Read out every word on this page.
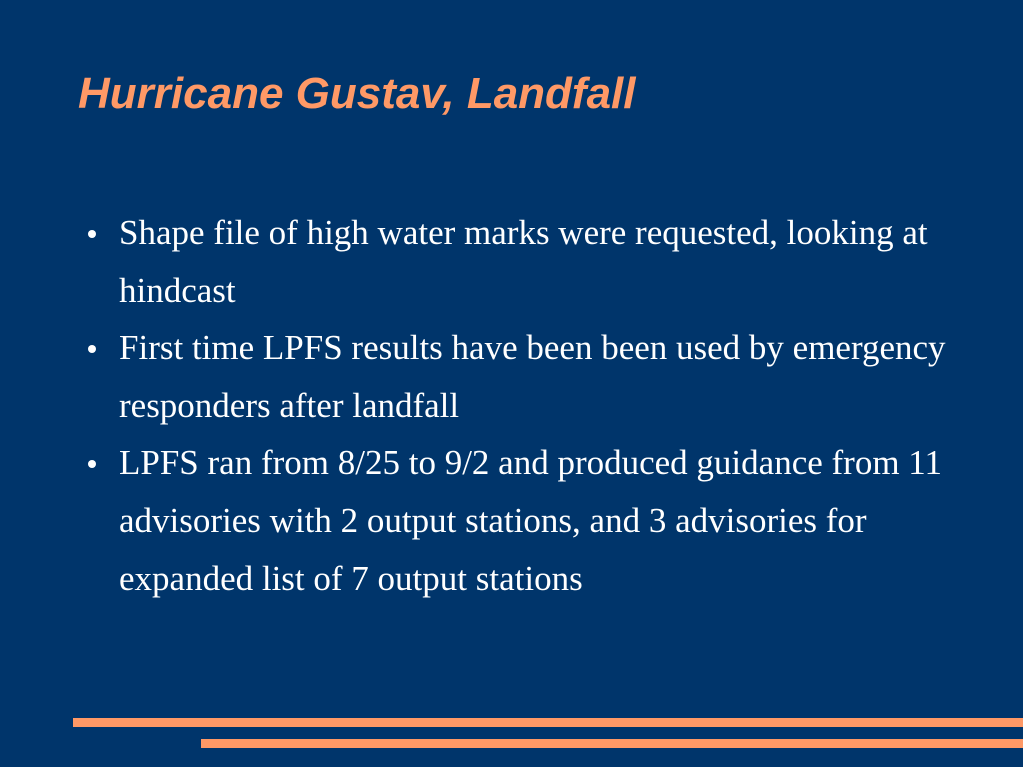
Hurricane Gustav, Landfall
Shape file of high water marks were requested, looking at hindcast
First time LPFS results have been been used by emergency responders after landfall
LPFS ran from 8/25 to 9/2 and produced guidance from 11 advisories with 2 output stations, and 3 advisories for expanded list of 7 output stations
